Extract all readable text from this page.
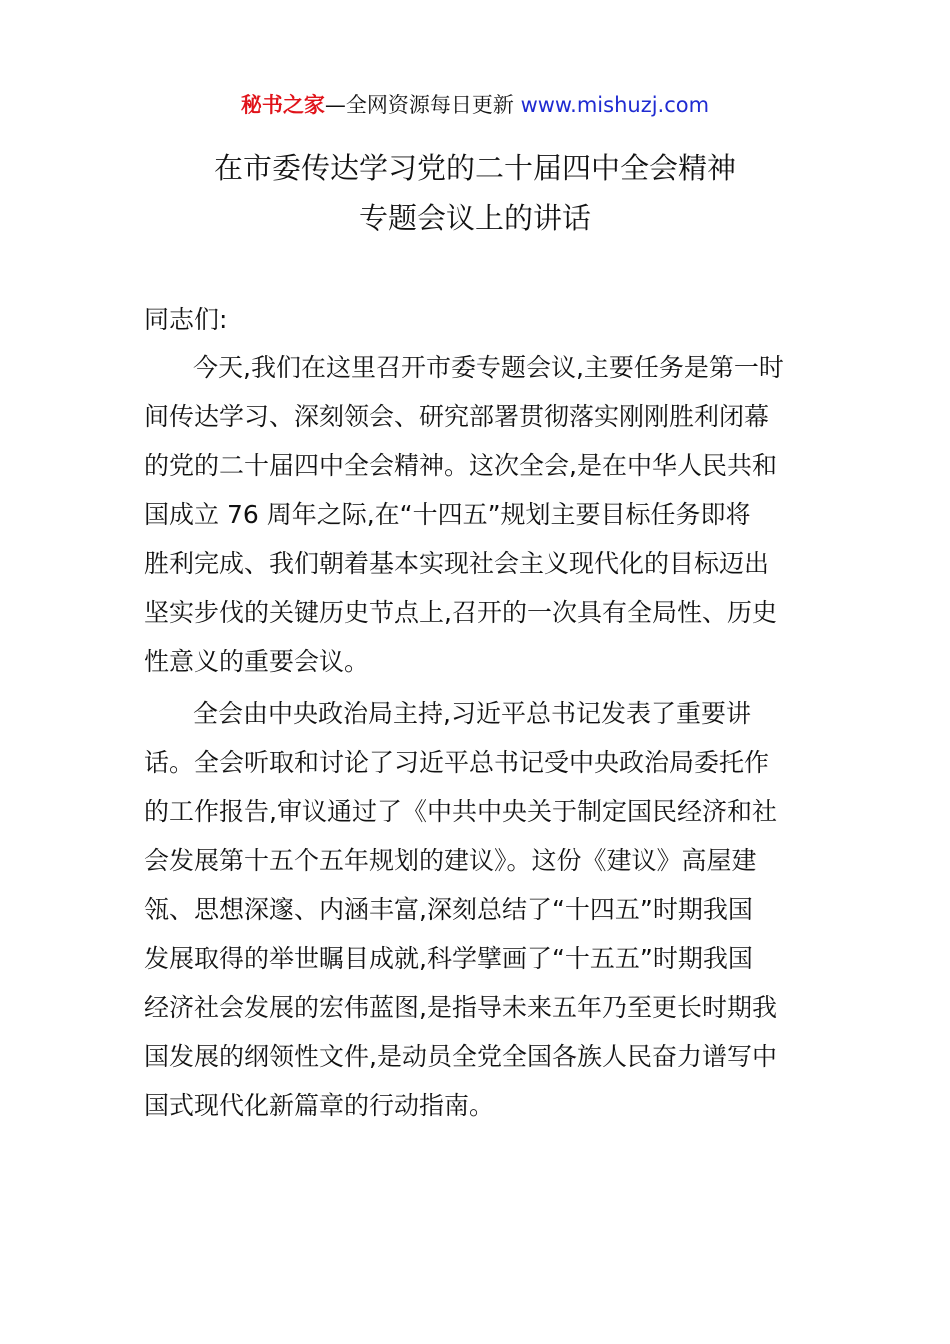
秘书之家—全网资源每日更新 www.mishuzj.com
在市委传达学习党的二十届四中全会精神
专题会议上的讲话
同志们:
今天,我们在这里召开市委专题会议,主要任务是第一时
间传达学习、深刻领会、研究部署贯彻落实刚刚胜利闭幕
的党的二十届四中全会精神。这次全会,是在中华人民共和
国成立 76 周年之际,在“十四五”规划主要目标任务即将
胜利完成、我们朝着基本实现社会主义现代化的目标迈出
坚实步伐的关键历史节点上,召开的一次具有全局性、历史
性意义的重要会议。
全会由中央政治局主持,习近平总书记发表了重要讲
话。全会听取和讨论了习近平总书记受中央政治局委托作
的工作报告,审议通过了《中共中央关于制定国民经济和社
会发展第十五个五年规划的建议》。这份《建议》高屋建
瓴、思想深邃、内涵丰富,深刻总结了“十四五”时期我国
发展取得的举世瞩目成就,科学擘画了“十五五”时期我国
经济社会发展的宏伟蓝图,是指导未来五年乃至更长时期我
国发展的纲领性文件,是动员全党全国各族人民奋力谱写中
国式现代化新篇章的行动指南。
